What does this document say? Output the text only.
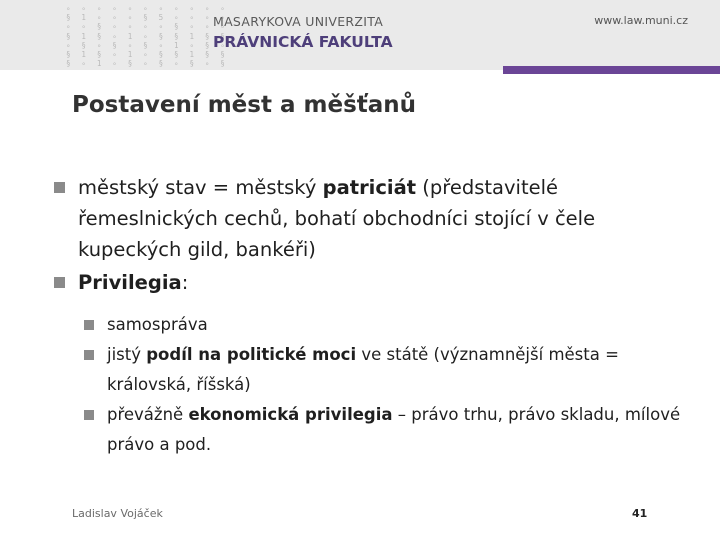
∘ ∘ ∘ ∘ ∘ ∘ ∘ ∘ ∘ ∘ ∘
§ 1 ∘ ∘ ∘ § 5 ∘ ∘ ∘ ∘
∘ ∘ § ∘ ∘ ∘ ∘ § ∘ ∘ ∘
§ 1 § ∘ 1 ∘ § § 1 § §
∘ § ∘ § ∘ § ∘ 1 ∘ § ∘
§ 1 § ∘ 1 ∘ § § 1 § §
§ ∘ 1 ∘ § ∘ § ∘ § ∘ §
MASARYKOVA UNIVERZITA
PRÁVNICKÁ FAKULTA
www.law.muni.cz
Postavení měst a měšťanů
městský stav = městský patriciát (představitelé řemeslnických cechů, bohatí obchodníci stojící v čele kupeckých gild, bankéři)
Privilegia:
samospráva
jistý podíl na politické moci ve státě (významnější města = královská, říšská)
převážně ekonomická privilegia – právo trhu, právo skladu, mílové právo a pod.
Ladislav Vojáček	41
